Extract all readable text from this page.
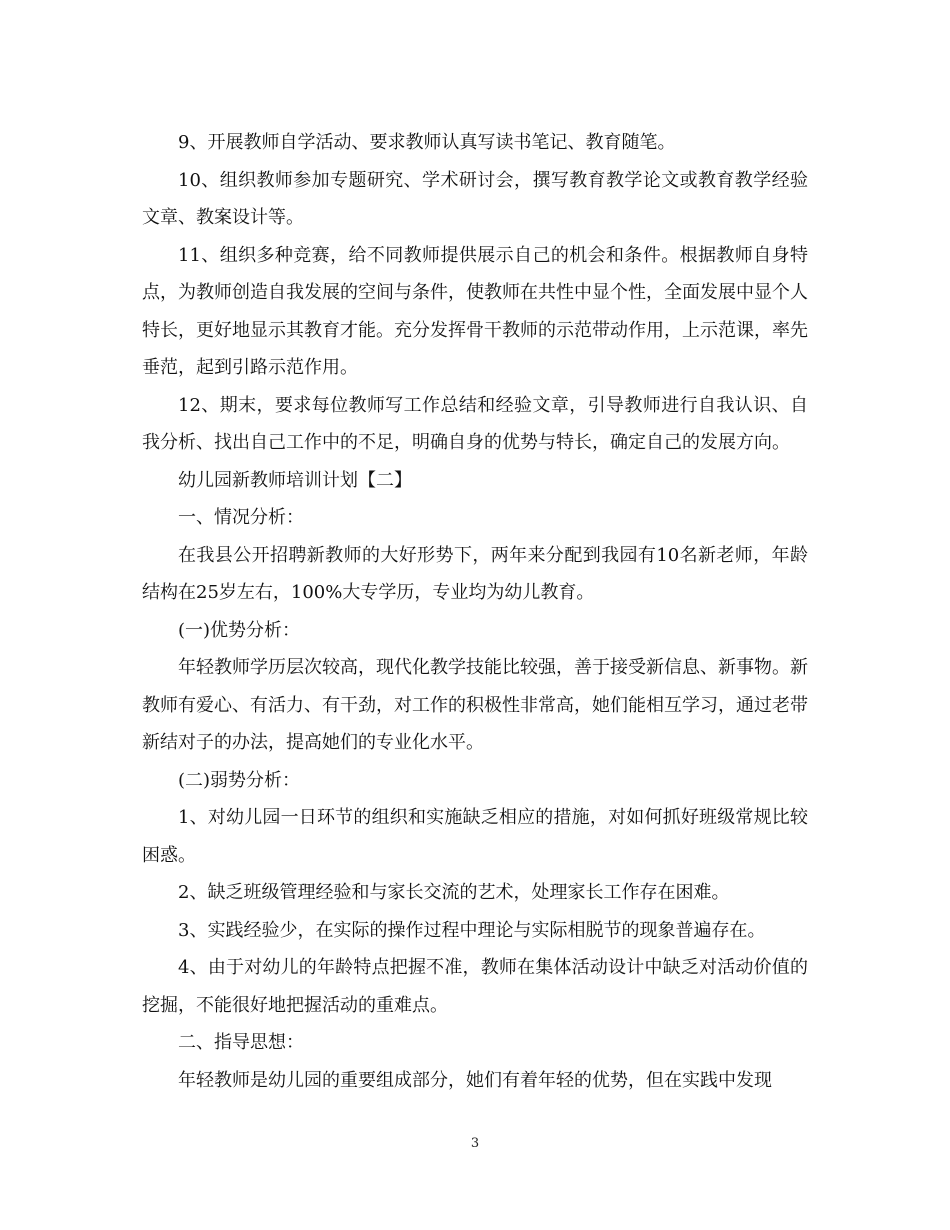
9、开展教师自学活动、要求教师认真写读书笔记、教育随笔。

10、组织教师参加专题研究、学术研讨会，撰写教育教学论文或教育教学经验文章、教案设计等。

11、组织多种竞赛，给不同教师提供展示自己的机会和条件。根据教师自身特点，为教师创造自我发展的空间与条件，使教师在共性中显个性，全面发展中显个人特长，更好地显示其教育才能。充分发挥骨干教师的示范带动作用，上示范课，率先垂范，起到引路示范作用。

12、期末，要求每位教师写工作总结和经验文章，引导教师进行自我认识、自我分析、找出自己工作中的不足，明确自身的优势与特长，确定自己的发展方向。

幼儿园新教师培训计划【二】

一、情况分析：

在我县公开招聘新教师的大好形势下，两年来分配到我园有10名新老师，年龄结构在25岁左右，100%大专学历，专业均为幼儿教育。

(一)优势分析：

年轻教师学历层次较高，现代化教学技能比较强，善于接受新信息、新事物。新教师有爱心、有活力、有干劲，对工作的积极性非常高，她们能相互学习，通过老带新结对子的办法，提高她们的专业化水平。

(二)弱势分析：

1、对幼儿园一日环节的组织和实施缺乏相应的措施，对如何抓好班级常规比较困惑。

2、缺乏班级管理经验和与家长交流的艺术，处理家长工作存在困难。

3、实践经验少，在实际的操作过程中理论与实际相脱节的现象普遍存在。

4、由于对幼儿的年龄特点把握不准，教师在集体活动设计中缺乏对活动价值的挖掘，不能很好地把握活动的重难点。

二、指导思想：

年轻教师是幼儿园的重要组成部分，她们有着年轻的优势，但在实践中发现

3
